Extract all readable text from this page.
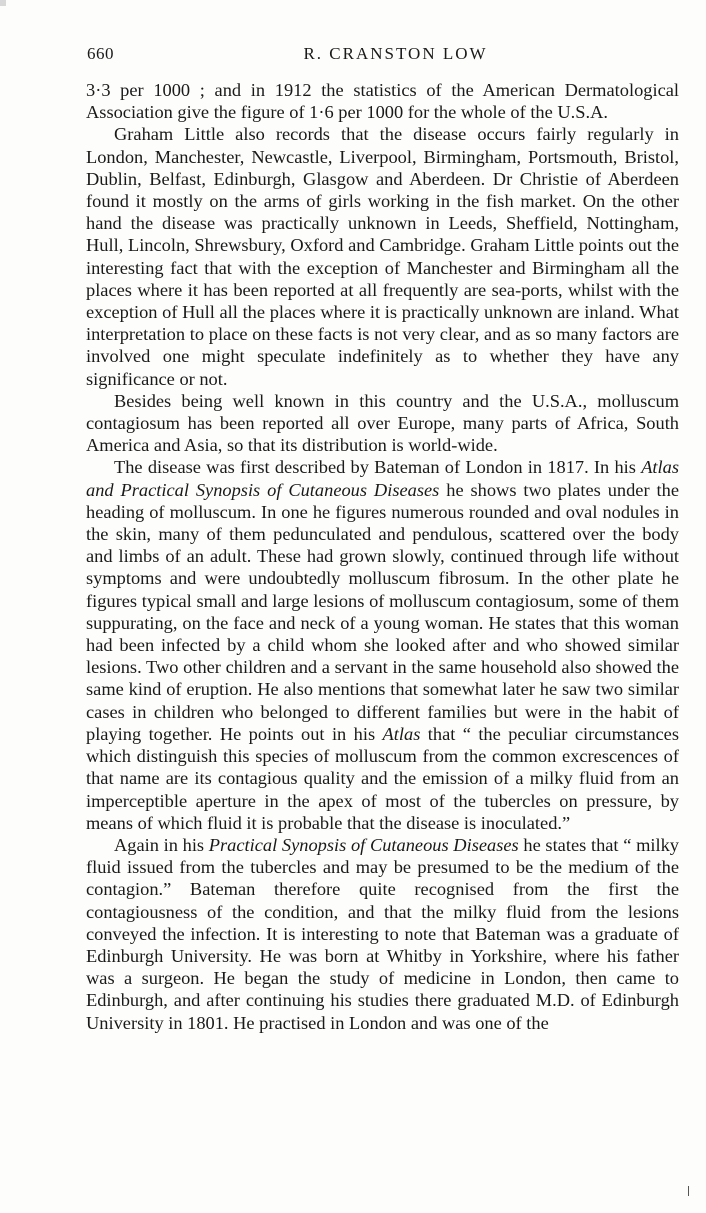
660	R. CRANSTON LOW

3·3 per 1000 ; and in 1912 the statistics of the American Dermatological Association give the figure of 1·6 per 1000 for the whole of the U.S.A.

Graham Little also records that the disease occurs fairly regularly in London, Manchester, Newcastle, Liverpool, Birmingham, Portsmouth, Bristol, Dublin, Belfast, Edinburgh, Glasgow and Aberdeen. Dr Christie of Aberdeen found it mostly on the arms of girls working in the fish market. On the other hand the disease was practically unknown in Leeds, Sheffield, Nottingham, Hull, Lincoln, Shrewsbury, Oxford and Cambridge. Graham Little points out the interesting fact that with the exception of Manchester and Birmingham all the places where it has been reported at all frequently are sea-ports, whilst with the exception of Hull all the places where it is practically unknown are inland. What interpretation to place on these facts is not very clear, and as so many factors are involved one might speculate indefinitely as to whether they have any significance or not.

Besides being well known in this country and the U.S.A., molluscum contagiosum has been reported all over Europe, many parts of Africa, South America and Asia, so that its distribution is world-wide.

The disease was first described by Bateman of London in 1817. In his Atlas and Practical Synopsis of Cutaneous Diseases he shows two plates under the heading of molluscum. In one he figures numerous rounded and oval nodules in the skin, many of them pedunculated and pendulous, scattered over the body and limbs of an adult. These had grown slowly, continued through life without symptoms and were undoubtedly molluscum fibrosum. In the other plate he figures typical small and large lesions of molluscum contagiosum, some of them suppurating, on the face and neck of a young woman. He states that this woman had been infected by a child whom she looked after and who showed similar lesions. Two other children and a servant in the same household also showed the same kind of eruption. He also mentions that somewhat later he saw two similar cases in children who belonged to different families but were in the habit of playing together. He points out in his Atlas that “ the peculiar circumstances which distinguish this species of molluscum from the common excrescences of that name are its contagious quality and the emission of a milky fluid from an imperceptible aperture in the apex of most of the tubercles on pressure, by means of which fluid it is probable that the disease is inoculated.”

Again in his Practical Synopsis of Cutaneous Diseases he states that “ milky fluid issued from the tubercles and may be presumed to be the medium of the contagion.” Bateman therefore quite recognised from the first the contagiousness of the condition, and that the milky fluid from the lesions conveyed the infection. It is interesting to note that Bateman was a graduate of Edinburgh University. He was born at Whitby in Yorkshire, where his father was a surgeon. He began the study of medicine in London, then came to Edinburgh, and after continuing his studies there graduated M.D. of Edinburgh University in 1801. He practised in London and was one of the
